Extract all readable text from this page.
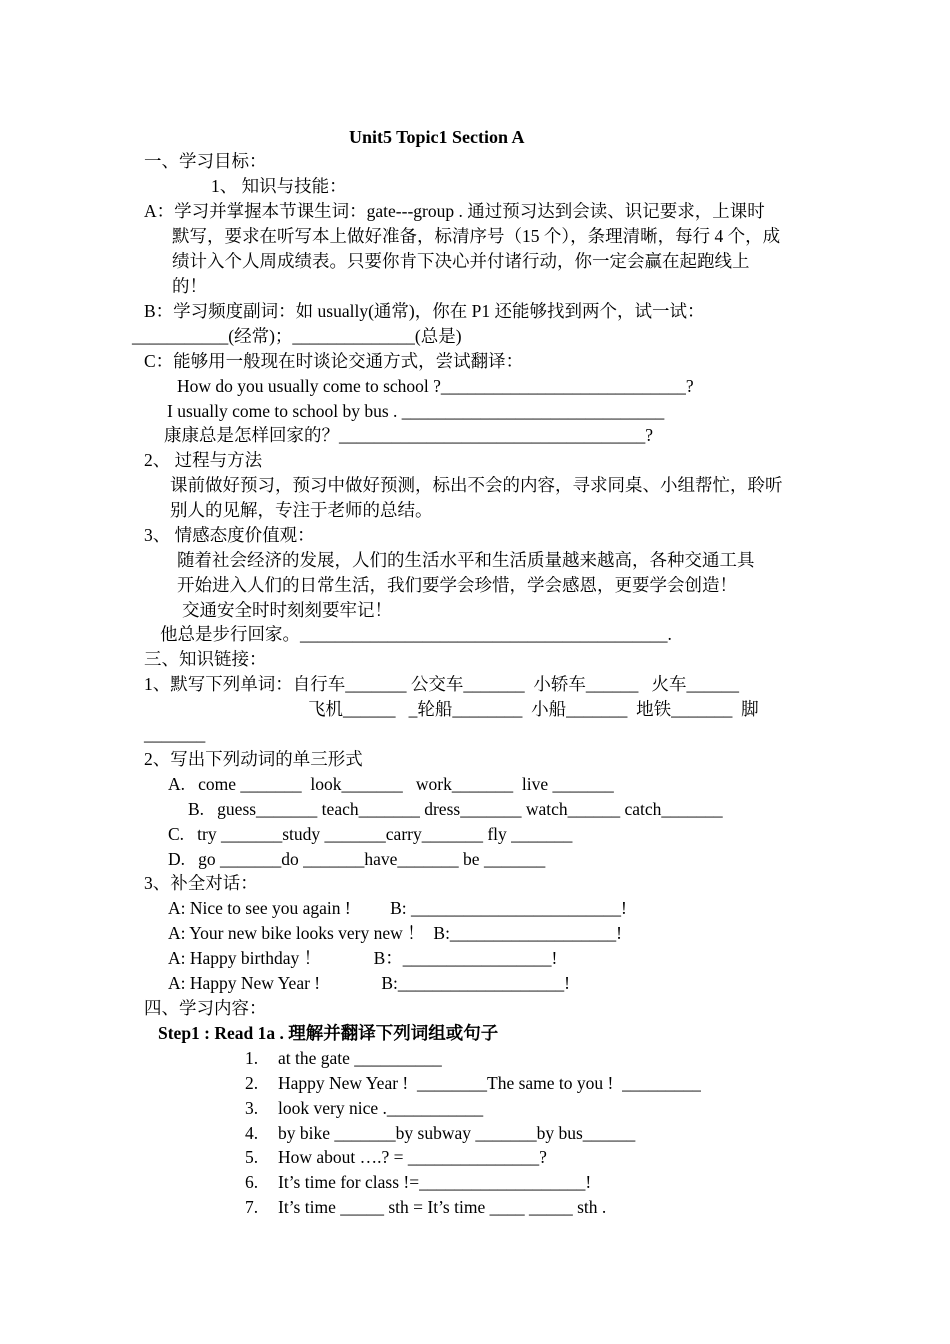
Unit5 Topic1 Section A
一、学习目标：
1、 知识与技能：
A：学习并掌握本节课生词：gate---group . 通过预习达到会读、识记要求，上课时
默写，要求在听写本上做好准备，标清序号（15 个），条理清晰，每行 4 个，成
绩计入个人周成绩表。只要你肯下决心并付诸行动，你一定会赢在起跑线上
的！
B：学习频度副词：如 usually(通常)，你在 P1 还能够找到两个，试一试：
___________(经常)；______________(总是)
C：能够用一般现在时谈论交通方式，尝试翻译：
How do you usually come to school ?____________________________?
I usually come to school by bus . ______________________________
康康总是怎样回家的？___________________________________?
2、 过程与方法
课前做好预习，预习中做好预测，标出不会的内容，寻求同桌、小组帮忙，聆听
别人的见解，专注于老师的总结。
3、 情感态度价值观：
随着社会经济的发展，人们的生活水平和生活质量越来越高，各种交通工具
开始进入人们的日常生活，我们要学会珍惜，学会感恩，更要学会创造！
交通安全时时刻刻要牢记！
他总是步行回家。__________________________________________.
三、知识链接：
1、默写下列单词：自行车_______ 公交车_______  小轿车______   火车______
飞机______   _轮船________  小船_______  地铁_______  脚
_______
2、写出下列动词的单三形式
A.   come _______  look_______   work_______  live _______
B.   guess_______ teach_______ dress_______ watch______ catch_______
C.   try _______study _______carry_______ fly _______
D.   go _______do _______have_______ be _______
3、补全对话：
A: Nice to see you again !         B: ________________________!
A: Your new bike looks very new ！  B:___________________!
A: Happy birthday ！            B：_________________!
A: Happy New Year !              B:___________________!
四、学习内容：
Step1 : Read 1a . 理解并翻译下列词组或句子
1. at the gate __________
2. Happy New Year !  ________The same to you !  _________
3. look very nice .___________
4. by bike _______by subway _______by bus______
5. How about ….? = _______________?
6. It’s time for class !=___________________!
7. It’s time _____ sth = It’s time ____ _____ sth .
